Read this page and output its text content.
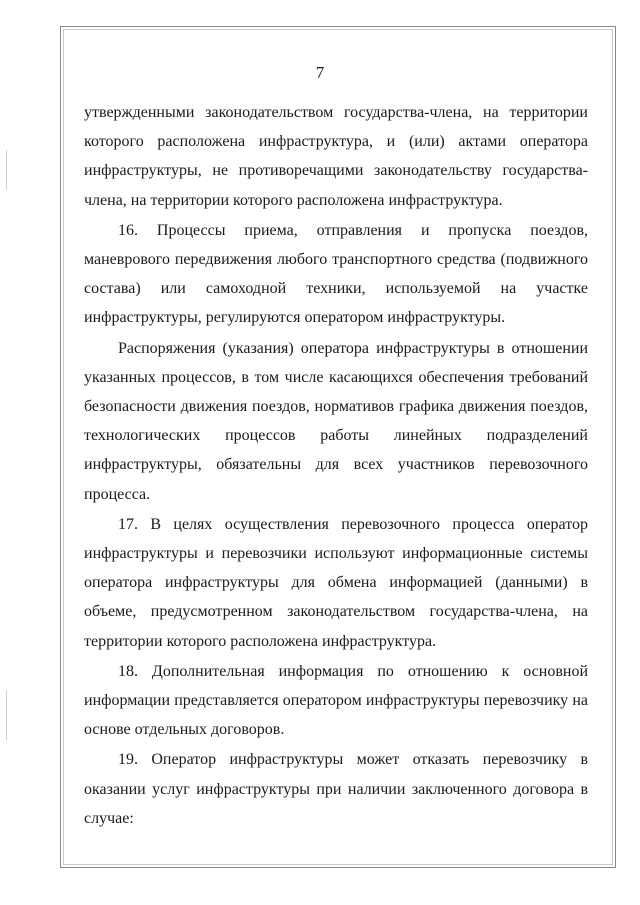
7

утвержденными законодательством государства-члена, на территории которого расположена инфраструктура, и (или) актами оператора инфраструктуры, не противоречащими законодательству государства-члена, на территории которого расположена инфраструктура.

16. Процессы приема, отправления и пропуска поездов, маневрового передвижения любого транспортного средства (подвижного состава) или самоходной техники, используемой на участке инфраструктуры, регулируются оператором инфраструктуры.

Распоряжения (указания) оператора инфраструктуры в отношении указанных процессов, в том числе касающихся обеспечения требований безопасности движения поездов, нормативов графика движения поездов, технологических процессов работы линейных подразделений инфраструктуры, обязательны для всех участников перевозочного процесса.

17. В целях осуществления перевозочного процесса оператор инфраструктуры и перевозчики используют информационные системы оператора инфраструктуры для обмена информацией (данными) в объеме, предусмотренном законодательством государства-члена, на территории которого расположена инфраструктура.

18. Дополнительная информация по отношению к основной информации представляется оператором инфраструктуры перевозчику на основе отдельных договоров.

19. Оператор инфраструктуры может отказать перевозчику в оказании услуг инфраструктуры при наличии заключенного договора в случае:
